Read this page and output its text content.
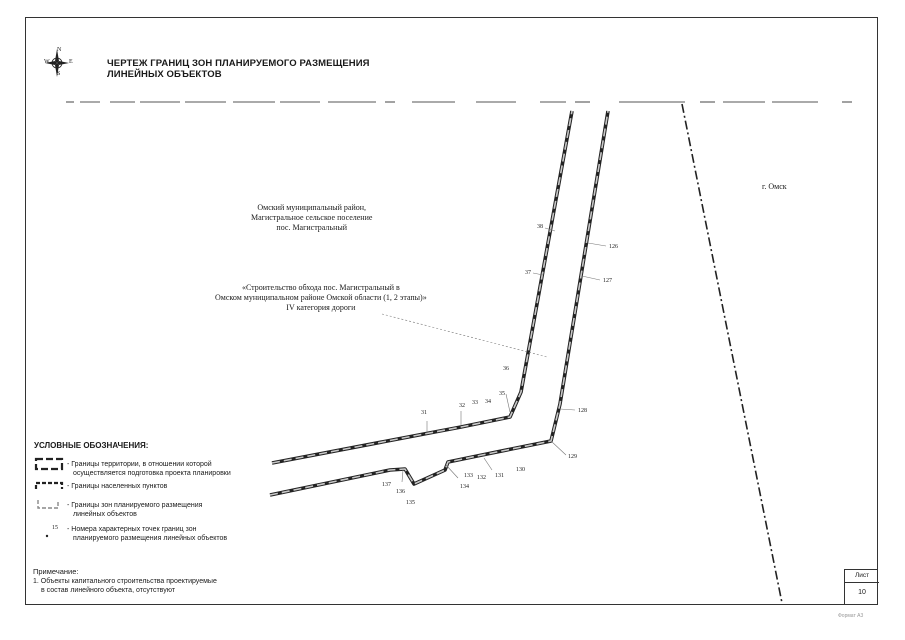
N
S
W	E	ЧЕРТЕЖ ГРАНИЦ ЗОН ПЛАНИРУЕМОГО РАЗМЕЩЕНИЯ
ЛИНЕЙНЫХ ОБЪЕКТОВ
Омский муниципальный район,
Магистральное сельское поселение
пос. Магистральный
«Строительство обхода пос. Магистральный в
Омском муниципальном районе Омской области (1, 2 этапы)»
IV категория дороги
г. Омск
38
37
36
35
34
33
32
31
126
127
128
129
130
131
132
133
134
135
136
137
УСЛОВНЫЕ ОБОЗНАЧЕНИЯ:
- Границы территории, в отношении которой
осуществляется подготовка проекта планировки
- Границы населенных пунктов
- Границы зон планируемого размещения
линейных объектов
15 - Номера характерных точек границ зон
планируемого размещения линейных объектов
Примечание:
1. Объекты капитального строительства проектируемые
в состав линейного объекта, отсутствуют
Лист
10
Формат А3
